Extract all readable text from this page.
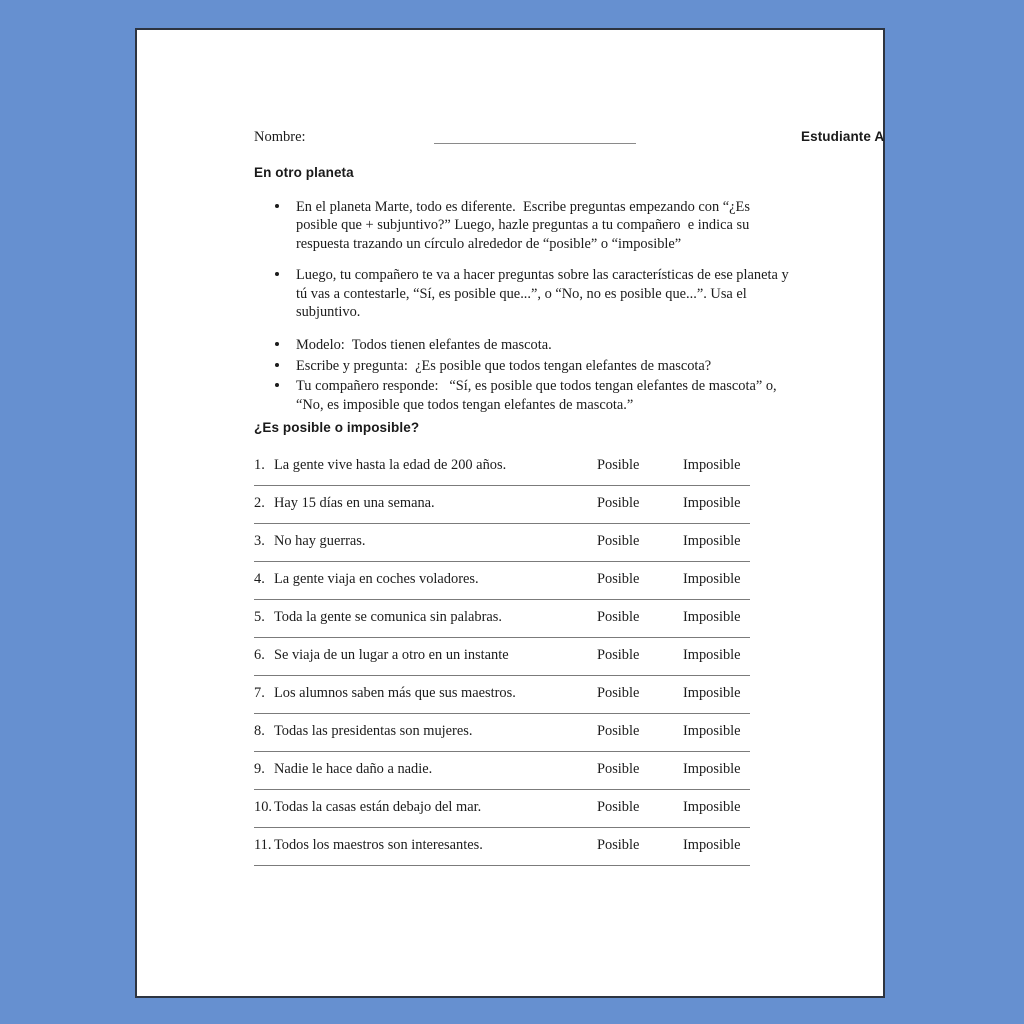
Nombre:	Estudiante A
En otro planeta
En el planeta Marte, todo es diferente.  Escribe preguntas empezando con “¿Es posible que + subjuntivo?” Luego, hazle preguntas a tu compañero  e indica su respuesta trazando un círculo alrededor de “posible” o “imposible”
Luego, tu compañero te va a hacer preguntas sobre las características de ese planeta y tú vas a contestarle, “Sí, es posible que...”, o “No, no es posible que...”. Usa el subjuntivo.
Modelo:  Todos tienen elefantes de mascota.
Escribe y pregunta:  ¿Es posible que todos tengan elefantes de mascota?
Tu compañero responde:   “Sí, es posible que todos tengan elefantes de mascota” o, “No, es imposible que todos tengan elefantes de mascota.”
¿Es posible o imposible?
1. La gente vive hasta la edad de 200 años.	Posible	Imposible
2. Hay 15 días en una semana.	Posible	Imposible
3. No hay guerras.	Posible	Imposible
4. La gente viaja en coches voladores.	Posible	Imposible
5. Toda la gente se comunica sin palabras.	Posible	Imposible
6. Se viaja de un lugar a otro en un instante	Posible	Imposible
7. Los alumnos saben más que sus maestros.	Posible	Imposible
8. Todas las presidentas son mujeres.	Posible	Imposible
9. Nadie le hace daño a nadie.	Posible	Imposible
10. Todas la casas están debajo del mar.	Posible	Imposible
11. Todos los maestros son interesantes.	Posible	Imposible
